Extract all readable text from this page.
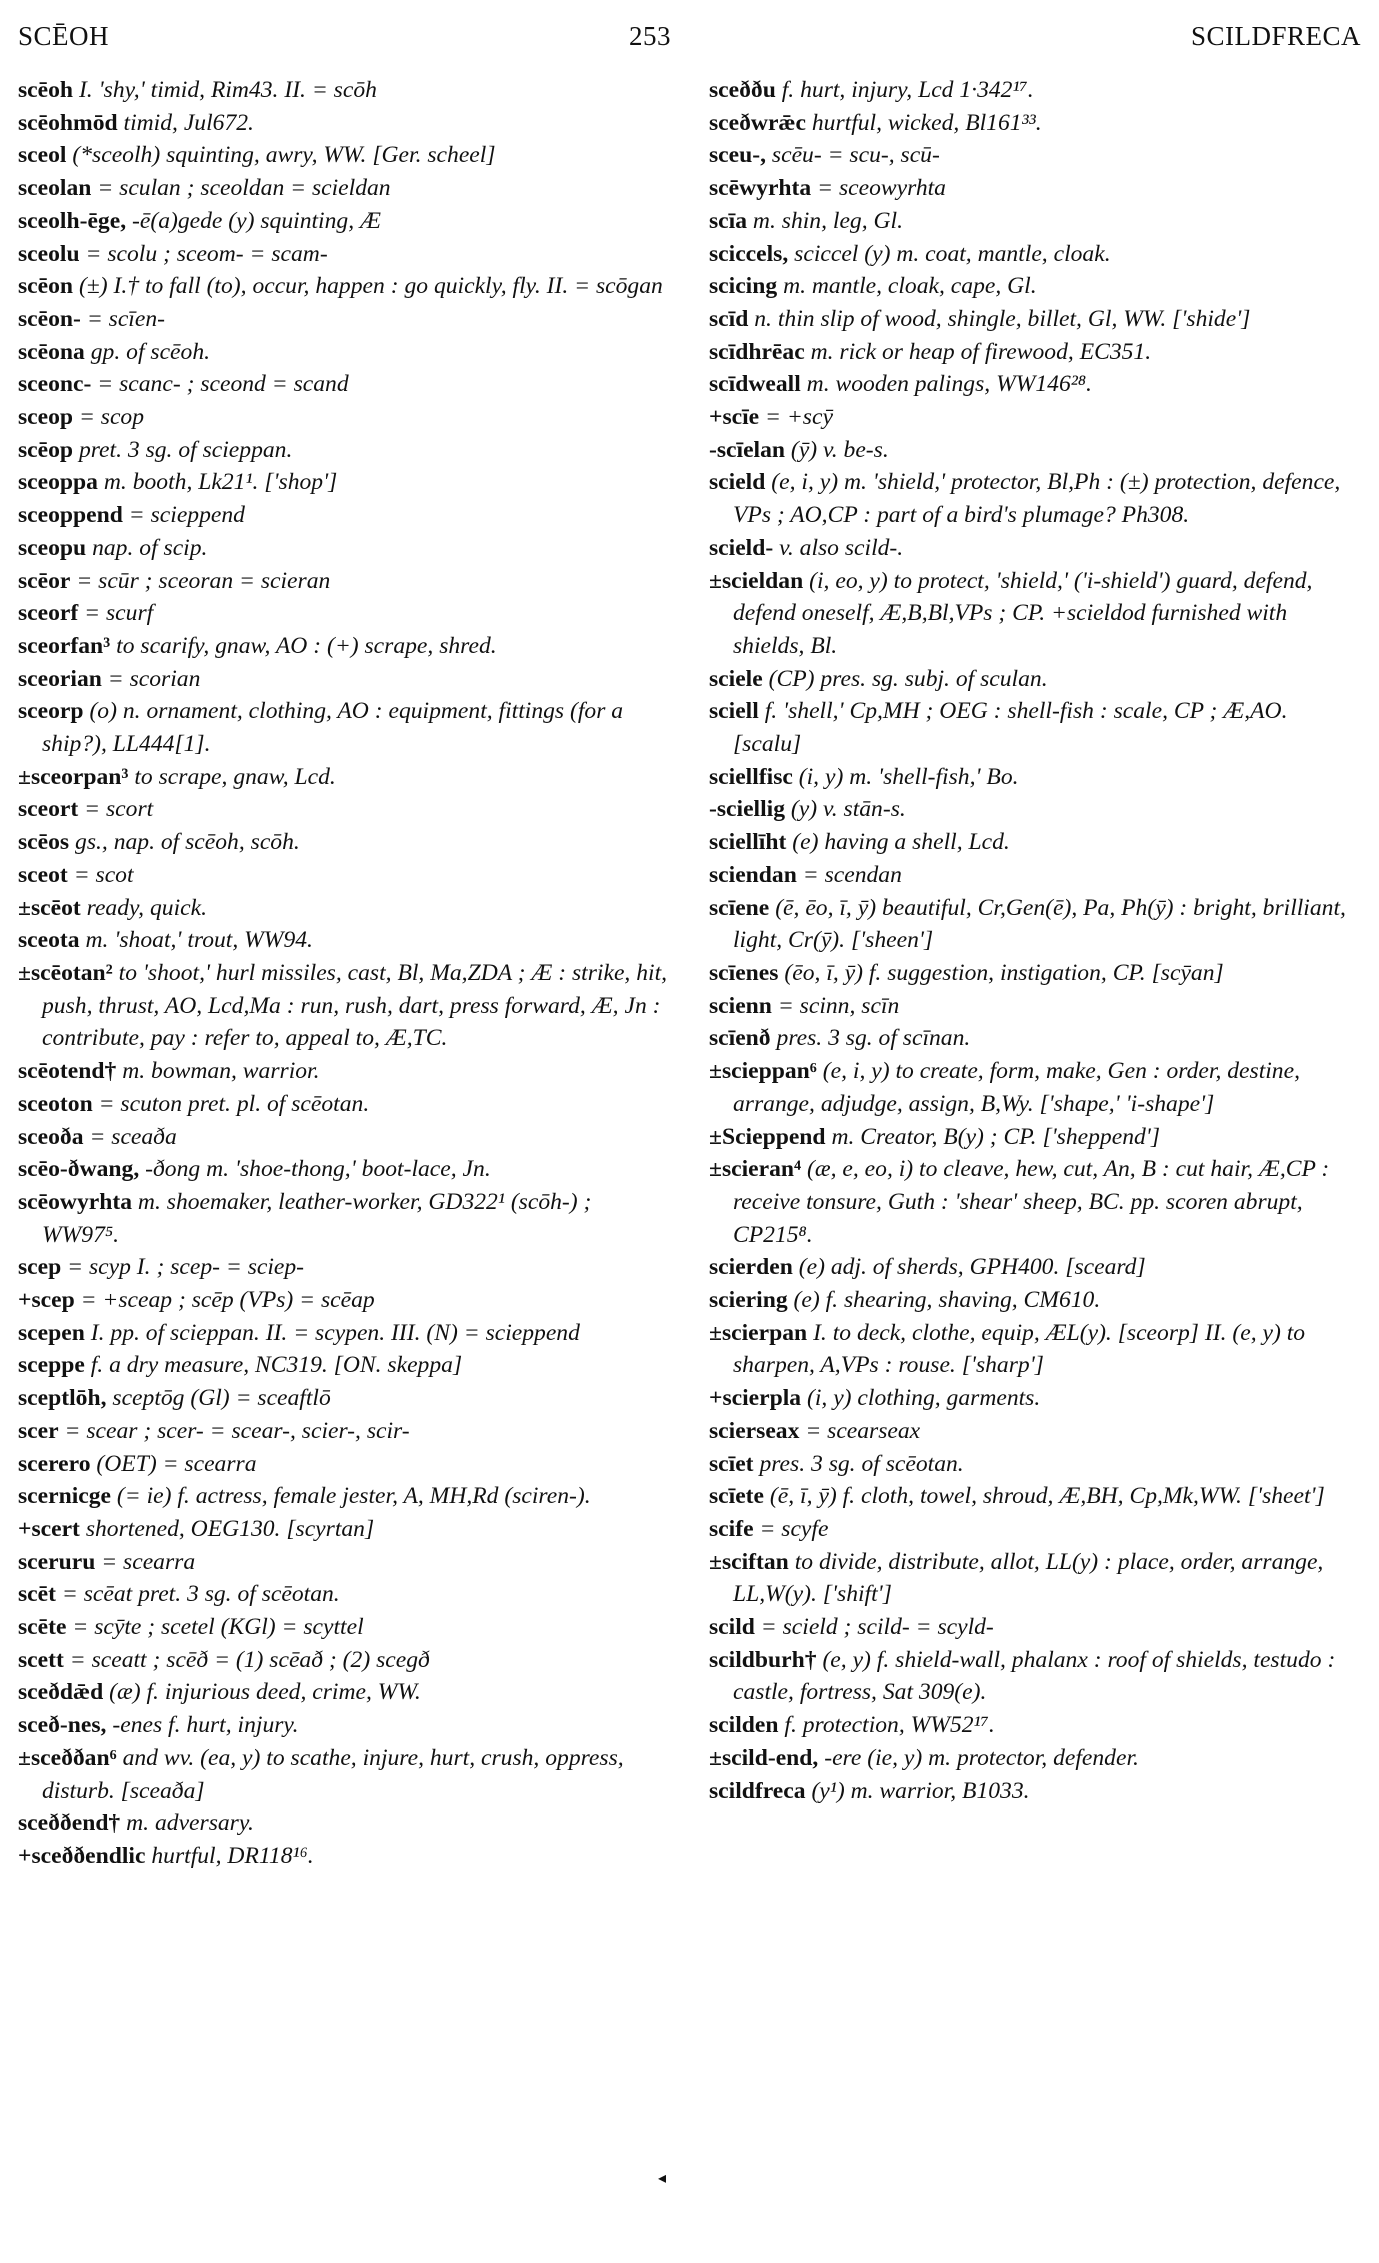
SCĒOH	253	SCILDFRECA

scēoh I. 'shy,' timid, Rim43. II. = scōh

scēohmōd timid, Jul672.

sceol (*sceolh) squinting, awry, WW. [Ger. scheel]

sceolan = sculan ; sceoldan = scieldan

sceolh-ēge, -ē(a)gede (y) squinting, Æ

sceolu = scolu ; sceom- = scam-

scēon (±) I.† to fall (to), occur, happen : go quickly, fly. II. = scōgan

scēon- = scīen-

scēona gp. of scēoh.

sceonc- = scanc- ; sceond = scand

sceop = scop

scēop pret. 3 sg. of scieppan.

sceoppa m. booth, Lk21¹. ['shop']

sceoppend = scieppend

sceopu nap. of scip.

scēor = scūr ; sceoran = scieran

sceorf = scurf

sceorfan³ to scarify, gnaw, AO : (+) scrape, shred.

sceorian = scorian

sceorp (o) n. ornament, clothing, AO : equipment, fittings (for a ship?), LL444[1].

±sceorpan³ to scrape, gnaw, Lcd.

sceort = scort

scēos gs., nap. of scēoh, scōh.

sceot = scot

±scēot ready, quick.

sceota m. 'shoat,' trout, WW94.

±scēotan² to 'shoot,' hurl missiles, cast, Bl, Ma,ZDA ; Æ : strike, hit, push, thrust, AO, Lcd,Ma : run, rush, dart, press forward, Æ, Jn : contribute, pay : refer to, appeal to, Æ,TC.

scēotend† m. bowman, warrior.

sceoton = scuton pret. pl. of scēotan.

sceoða = sceaða

scēo-ðwang, -ðong m. 'shoe-thong,' boot-lace, Jn.

scēowyrhta m. shoemaker, leather-worker, GD322¹ (scōh-) ; WW97⁵.

scep = scyp I. ; scep- = sciep-

+scep = +sceap ; scēp (VPs) = scēap

scepen I. pp. of scieppan. II. = scypen. III. (N) = scieppend

sceppe f. a dry measure, NC319. [ON. skeppa]

sceptlōh, sceptōg (Gl) = sceaftlō

scer = scear ; scer- = scear-, scier-, scir-

scerero (OET) = scearra

scernicge (= ie) f. actress, female jester, A, MH,Rd (sciren-).

+scert shortened, OEG130. [scyrtan]

sceruru = scearra

scēt = scēat pret. 3 sg. of scēotan.

scēte = scȳte ; scetel (KGl) = scyttel

scett = sceatt ; scēð = (1) scēað ; (2) scegð

sceðdǣd (æ) f. injurious deed, crime, WW.

sceð-nes, -enes f. hurt, injury.

±sceððan⁶ and wv. (ea, y) to scathe, injure, hurt, crush, oppress, disturb. [sceaða]

sceððend† m. adversary.

+sceððendlic hurtful, DR118¹⁶.

sceððu f. hurt, injury, Lcd 1·342¹⁷.

sceðwrǣc hurtful, wicked, Bl161³³.

sceu-, scēu- = scu-, scū-

scēwyrhta = sceowyrhta

scīa m. shin, leg, Gl.

sciccels, sciccel (y) m. coat, mantle, cloak.

scicing m. mantle, cloak, cape, Gl.

scīd n. thin slip of wood, shingle, billet, Gl, WW. ['shide']

scīdhrēac m. rick or heap of firewood, EC351.

scīdweall m. wooden palings, WW146²⁸.

+scīe = +scȳ

-scīelan (ȳ) v. be-s.

scield (e, i, y) m. 'shield,' protector, Bl,Ph : (±) protection, defence, VPs ; AO,CP : part of a bird's plumage? Ph308.

scield- v. also scild-.

±scieldan (i, eo, y) to protect, 'shield,' ('i-shield') guard, defend, defend oneself, Æ,B,Bl,VPs ; CP. +scieldod furnished with shields, Bl.

sciele (CP) pres. sg. subj. of sculan.

sciell f. 'shell,' Cp,MH ; OEG : shell-fish : scale, CP ; Æ,AO. [scalu]

sciellfisc (i, y) m. 'shell-fish,' Bo.

-sciellig (y) v. stān-s.

sciellīht (e) having a shell, Lcd.

sciendan = scendan

scīene (ē, ēo, ī, ȳ) beautiful, Cr,Gen(ē), Pa, Ph(ȳ) : bright, brilliant, light, Cr(ȳ). ['sheen']

scīenes (ēo, ī, ȳ) f. suggestion, instigation, CP. [scȳan]

scienn = scinn, scīn

scīenð pres. 3 sg. of scīnan.

±sciеppan⁶ (e, i, y) to create, form, make, Gen : order, destine, arrange, adjudge, assign, B,Wy. ['shape,' 'i-shape']

±Scieppend m. Creator, B(y) ; CP. ['sheppend']

±scieran⁴ (æ, e, eo, i) to cleave, hew, cut, An, B : cut hair, Æ,CP : receive tonsure, Guth : 'shear' sheep, BC. pp. scoren abrupt, CP215⁸.

scierden (e) adj. of sherds, GPH400. [sceard]

sciering (e) f. shearing, shaving, CM610.

±scierpan I. to deck, clothe, equip, ÆL(y). [sceorp] II. (e, y) to sharpen, A,VPs : rouse. ['sharp']

+scierpla (i, y) clothing, garments.

scierseax = scearseax

scīet pres. 3 sg. of scēotan.

scīete (ē, ī, ȳ) f. cloth, towel, shroud, Æ,BH, Cp,Mk,WW. ['sheet']

scife = scyfe

±sciftan to divide, distribute, allot, LL(y) : place, order, arrange, LL,W(y). ['shift']

scild = scield ; scild- = scyld-

scildburh† (e, y) f. shield-wall, phalanx : roof of shields, testudo : castle, fortress, Sat 309(e).

scilden f. protection, WW52¹⁷.

±scild-end, -ere (ie, y) m. protector, defender.

scildfreca (y¹) m. warrior, B1033.

◂
